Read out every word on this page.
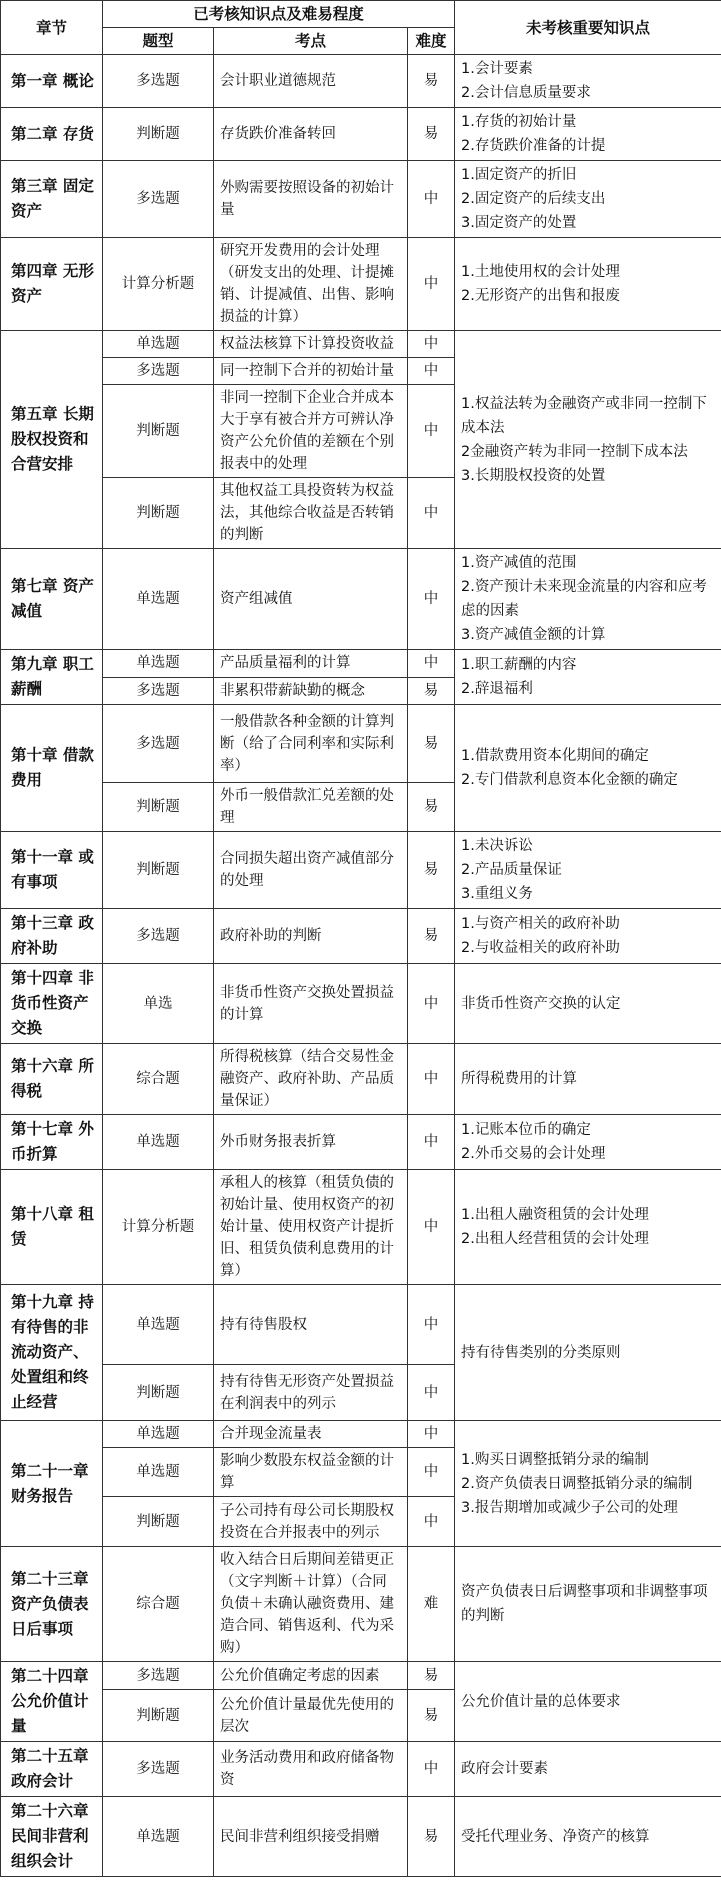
章节	已考核知识点及难易程度			未考核重要知识点
	题型	考点	难度	
第一章 概论	多选题	会计职业道德规范	易	1.会计要素
2.会计信息质量要求

第二章 存货	判断题	存货跌价准备转回	易	1.存货的初始计量
2.存货跌价准备的计提

第三章 固定资产	多选题	外购需要按照设备的初始计量	中	1.固定资产的折旧
2.固定资产的后续支出
3.固定资产的处置

第四章 无形资产	计算分析题	研究开发费用的会计处理（研发支出的处理、计提摊销、计提减值、出售、影响损益的计算）	中	1.土地使用权的会计处理
2.无形资产的出售和报废

第五章 长期股权投资和合营安排	单选题	权益法核算下计算投资收益	中	1.权益法转为金融资产或非同一控制下成本法
2金融资产转为非同一控制下成本法
3.长期股权投资的处置

	多选题	同一控制下合并的初始计量	中	
	判断题	非同一控制下企业合并成本大于享有被合并方可辨认净资产公允价值的差额在个别报表中的处理	中	
	判断题	其他权益工具投资转为权益法，其他综合收益是否转销的判断	中	
第七章 资产减值	单选题	资产组减值	中	1.资产减值的范围
2.资产预计未来现金流量的内容和应考虑的因素
3.资产减值金额的计算

第九章 职工薪酬	单选题	产品质量福利的计算	中	1.职工薪酬的内容
2.辞退福利

	多选题	非累积带薪缺勤的概念	易	
第十章 借款费用	多选题	一般借款各种金额的计算判断（给了合同利率和实际利率）	易	1.借款费用资本化期间的确定
2.专门借款利息资本化金额的确定

	判断题	外币一般借款汇兑差额的处理	易	
第十一章 或有事项	判断题	合同损失超出资产减值部分的处理	易	1.未决诉讼
2.产品质量保证
3.重组义务

第十三章 政府补助	多选题	政府补助的判断	易	1.与资产相关的政府补助
2.与收益相关的政府补助

第十四章 非货币性资产交换	单选	非货币性资产交换处置损益的计算	中	非货币性资产交换的认定

第十六章 所得税	综合题	所得税核算（结合交易性金融资产、政府补助、产品质量保证）	中	所得税费用的计算

第十七章 外币折算	单选题	外币财务报表折算	中	1.记账本位币的确定
2.外币交易的会计处理

第十八章 租赁	计算分析题	承租人的核算（租赁负债的初始计量、使用权资产的初始计量、使用权资产计提折旧、租赁负债利息费用的计算）	中	1.出租人融资租赁的会计处理
2.出租人经营租赁的会计处理

第十九章 持有待售的非流动资产、处置组和终止经营	单选题	持有待售股权	中	持有待售类别的分类原则

	判断题	持有待售无形资产处置损益在利润表中的列示	中	
第二十一章 财务报告	单选题	合并现金流量表	中	1.购买日调整抵销分录的编制
2.资产负债表日调整抵销分录的编制
3.报告期增加或减少子公司的处理

	单选题	影响少数股东权益金额的计算	中	
	判断题	子公司持有母公司长期股权投资在合并报表中的列示	中	
第二十三章 资产负债表日后事项	综合题	收入结合日后期间差错更正（文字判断＋计算）（合同负债＋未确认融资费用、建造合同、销售返利、代为采购）	难	资产负债表日后调整事项和非调整事项的判断

第二十四章 公允价值计量	多选题	公允价值确定考虑的因素	易	公允价值计量的总体要求

	判断题	公允价值计量最优先使用的层次	易	
第二十五章 政府会计	多选题	业务活动费用和政府储备物资	中	政府会计要素

第二十六章 民间非营利组织会计	单选题	民间非营利组织接受捐赠	易	受托代理业务、净资产的核算
